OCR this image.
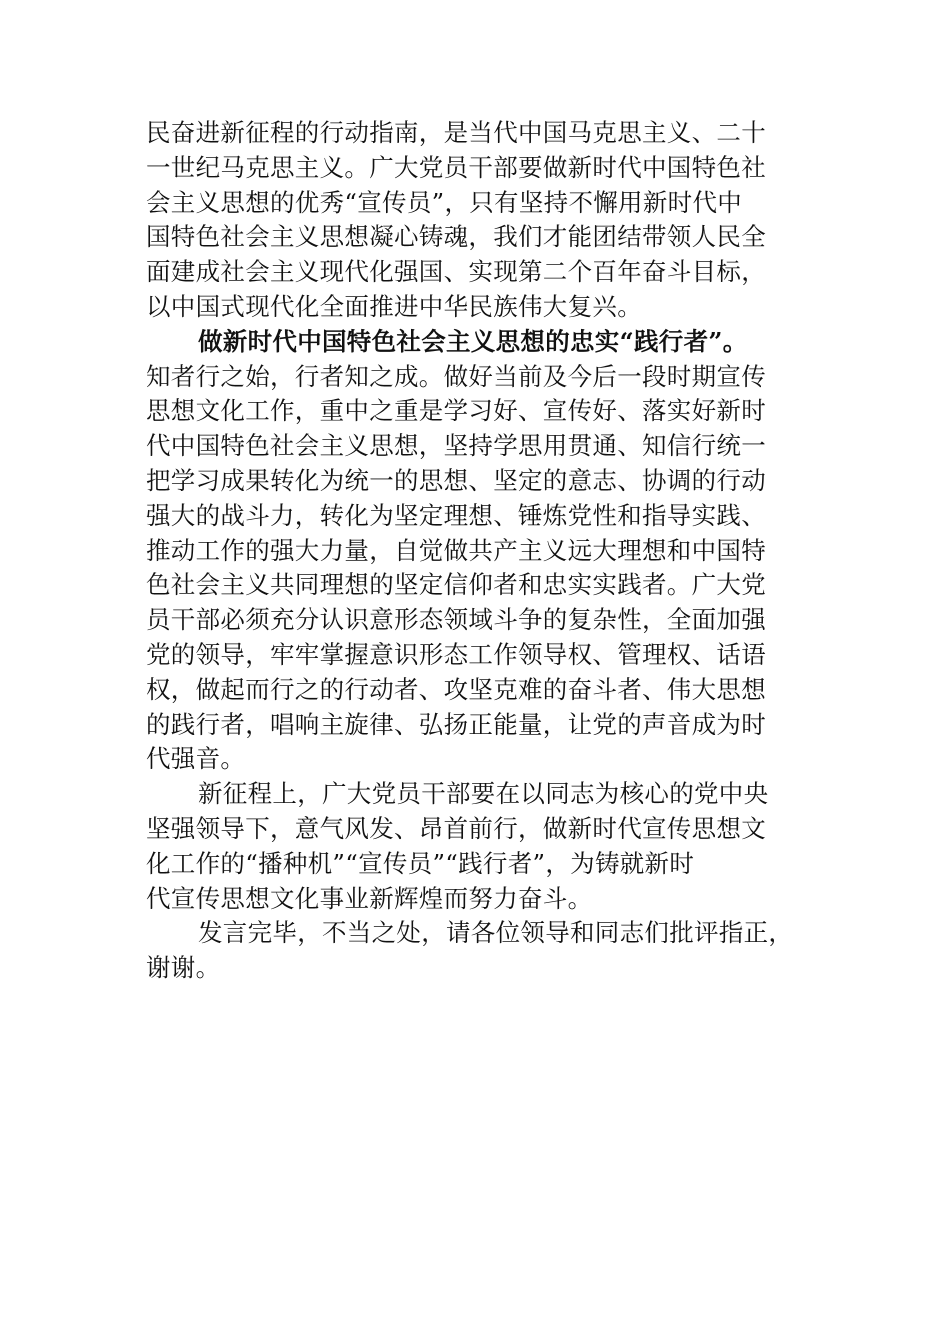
民奋进新征程的行动指南，是当代中国马克思主义、二十
一世纪马克思主义。广大党员干部要做新时代中国特色社
会主义思想的优秀“宣传员”，只有坚持不懈用新时代中
国特色社会主义思想凝心铸魂，我们才能团结带领人民全
面建成社会主义现代化强国、实现第二个百年奋斗目标，
以中国式现代化全面推进中华民族伟大复兴。
做新时代中国特色社会主义思想的忠实“践行者”。
知者行之始，行者知之成。做好当前及今后一段时期宣传
思想文化工作，重中之重是学习好、宣传好、落实好新时
代中国特色社会主义思想，坚持学思用贯通、知信行统一
把学习成果转化为统一的思想、坚定的意志、协调的行动
强大的战斗力，转化为坚定理想、锤炼党性和指导实践、
推动工作的强大力量，自觉做共产主义远大理想和中国特
色社会主义共同理想的坚定信仰者和忠实实践者。广大党
员干部必须充分认识意形态领域斗争的复杂性，全面加强
党的领导，牢牢掌握意识形态工作领导权、管理权、话语
权，做起而行之的行动者、攻坚克难的奋斗者、伟大思想
的践行者，唱响主旋律、弘扬正能量，让党的声音成为时
代强音。
新征程上，广大党员干部要在以同志为核心的党中央
坚强领导下，意气风发、昂首前行，做新时代宣传思想文
化工作的“播种机”“宣传员”“践行者”，为铸就新时
代宣传思想文化事业新辉煌而努力奋斗。
发言完毕，不当之处，请各位领导和同志们批评指正，
谢谢。
